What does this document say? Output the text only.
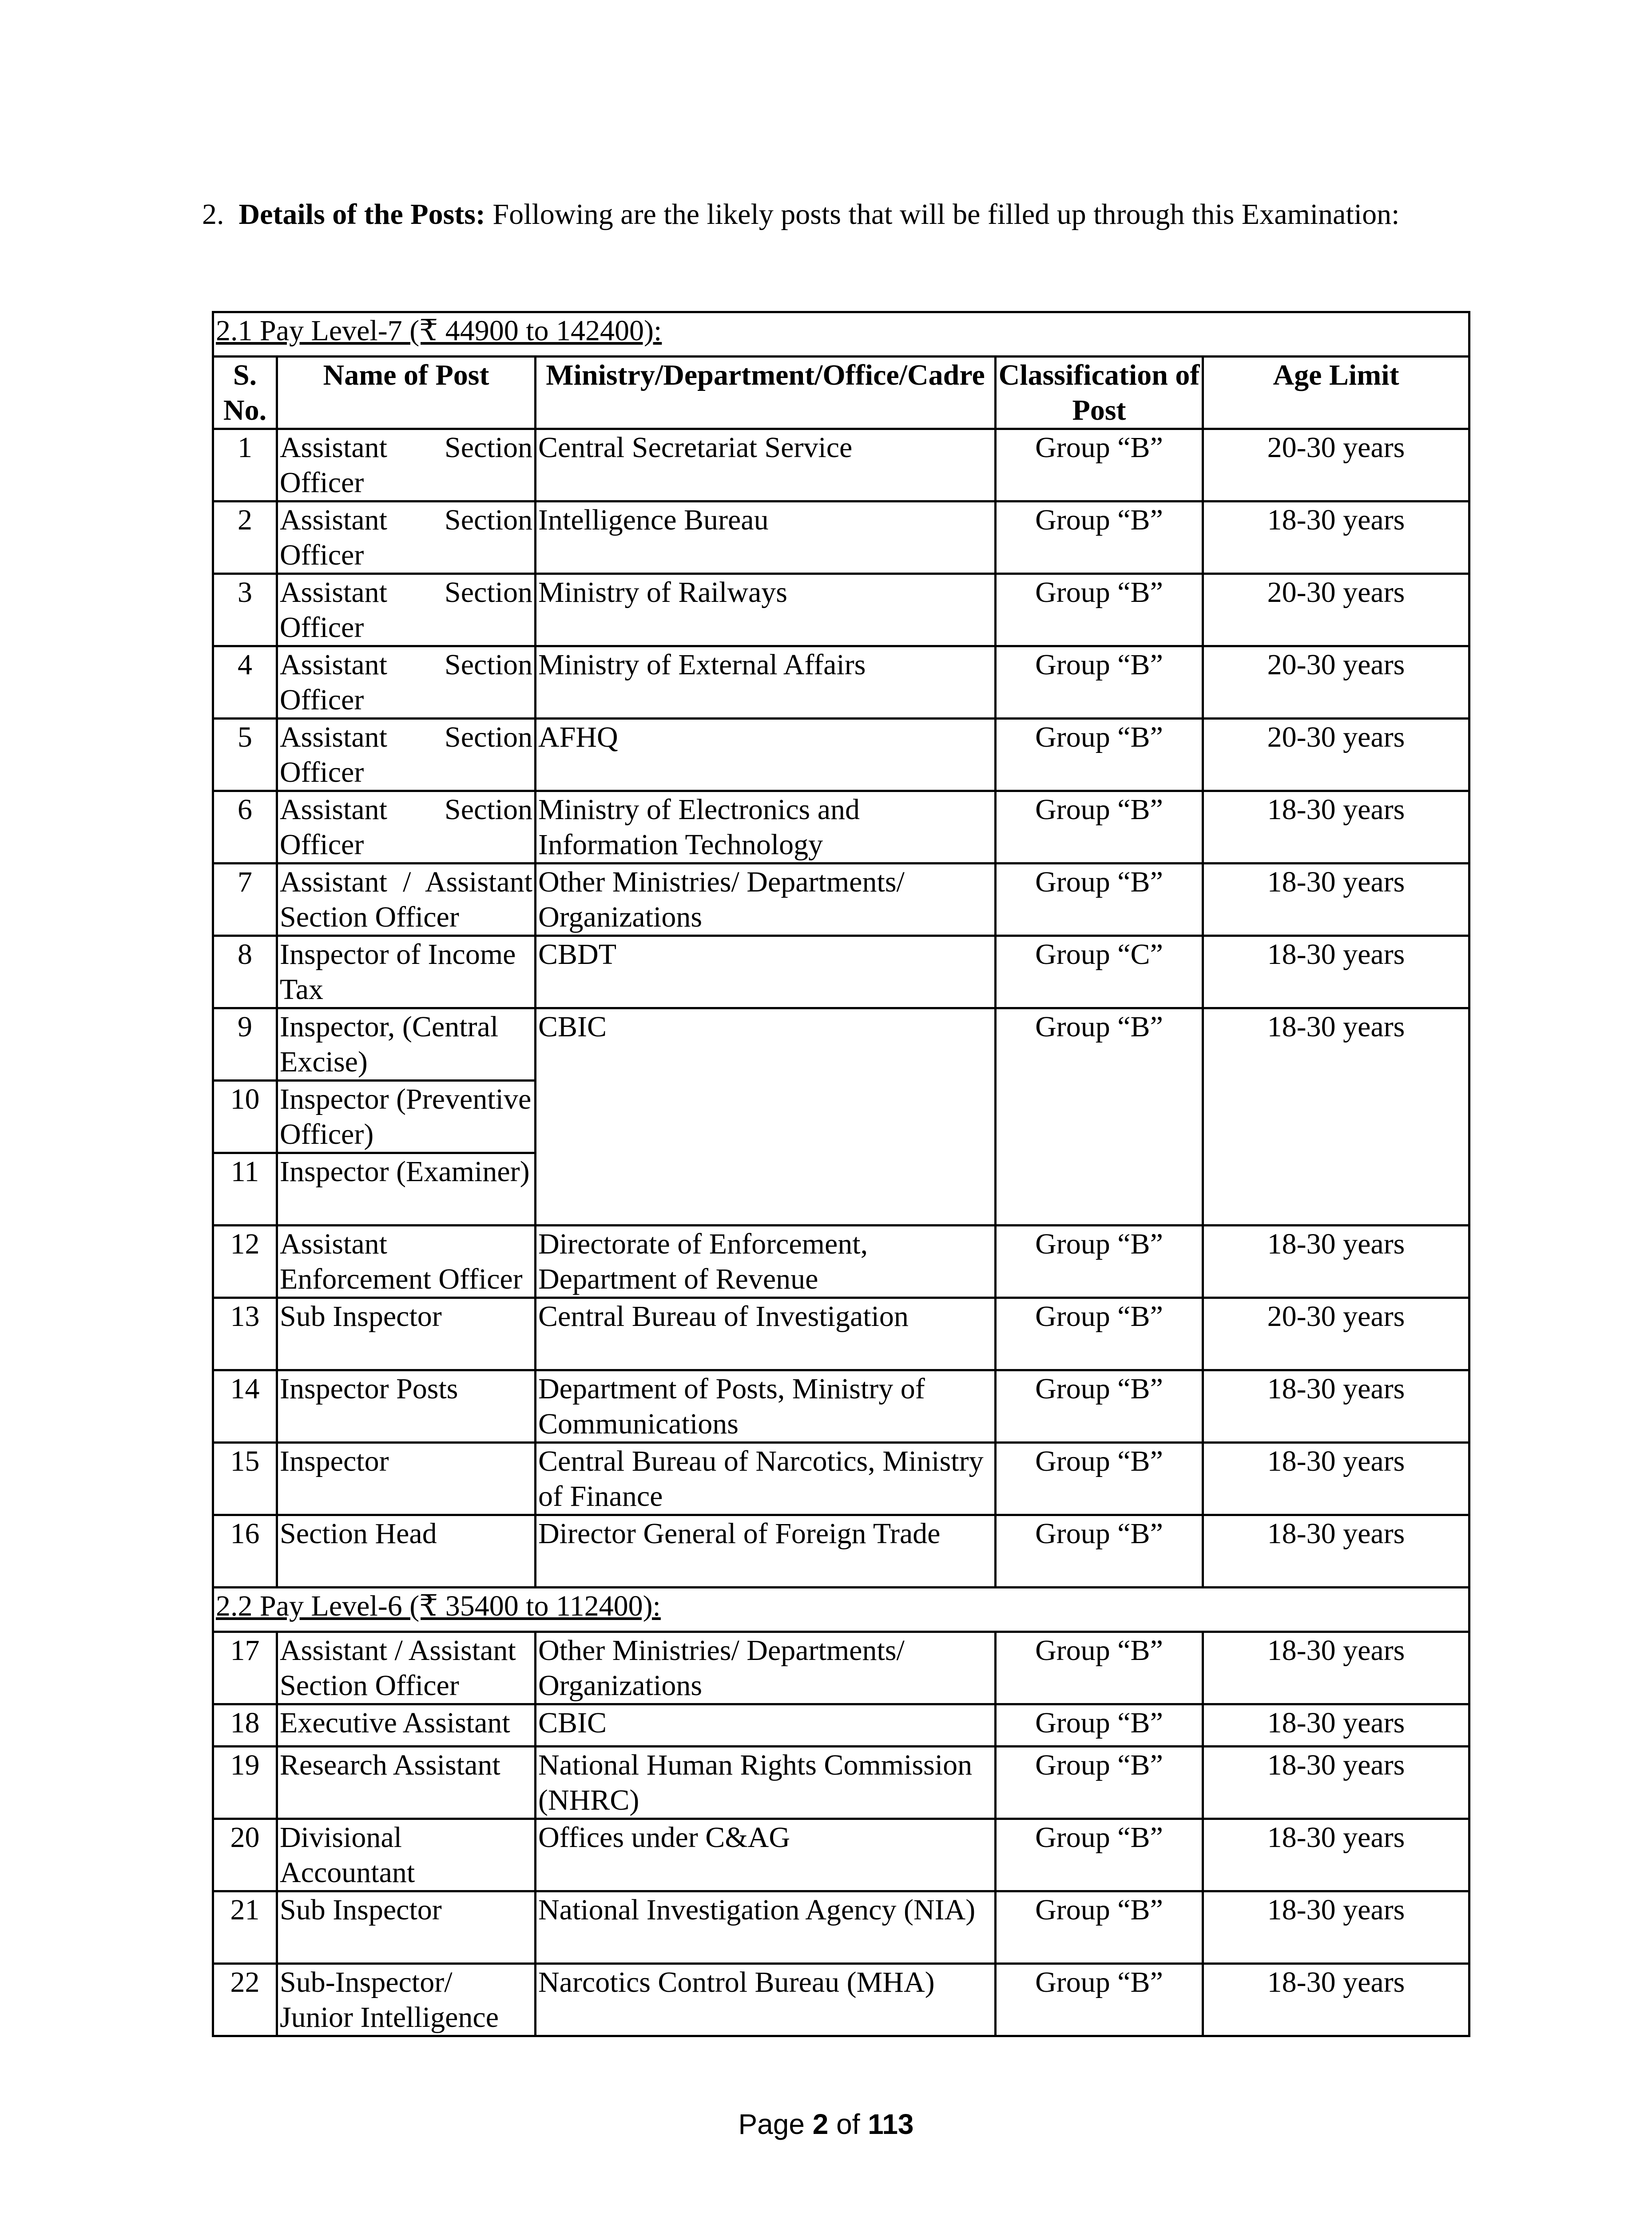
2. Details of the Posts: Following are the likely posts that will be filled up through this Examination:
2.1 Pay Level-7 (₹ 44900 to 142400):				
S. No.	Name of Post	Ministry/Department/Office/Cadre	Classification of Post	Age Limit
1	Assistant Section Officer	Central Secretariat Service	Group “B”	20-30 years
2	Assistant Section Officer	Intelligence Bureau	Group “B”	18-30 years
3	Assistant Section Officer	Ministry of Railways	Group “B”	20-30 years
4	Assistant Section Officer	Ministry of External Affairs	Group “B”	20-30 years
5	Assistant Section Officer	AFHQ	Group “B”	20-30 years
6	Assistant Section Officer	Ministry of Electronics and Information Technology	Group “B”	18-30 years
7	Assistant / Assistant Section Officer	Other Ministries/ Departments/ Organizations	Group “B”	18-30 years
8	Inspector of Income Tax	CBDT	Group “C”	18-30 years
9	Inspector, (Central Excise)	CBIC	Group “B”	18-30 years
10	Inspector (Preventive Officer)			
11	Inspector (Examiner)			
12	Assistant Enforcement Officer	Directorate of Enforcement, Department of Revenue	Group “B”	18-30 years
13	Sub Inspector	Central Bureau of Investigation	Group “B”	20-30 years
14	Inspector Posts	Department of Posts, Ministry of Communications	Group “B”	18-30 years
15	Inspector	Central Bureau of Narcotics, Ministry of Finance	Group “B”	18-30 years
16	Section Head	Director General of Foreign Trade	Group “B”	18-30 years
2.2 Pay Level-6 (₹ 35400 to 112400):				
17	Assistant / Assistant Section Officer	Other Ministries/ Departments/ Organizations	Group “B”	18-30 years
18	Executive Assistant	CBIC	Group “B”	18-30 years
19	Research Assistant	National Human Rights Commission (NHRC)	Group “B”	18-30 years
20	Divisional Accountant	Offices under C&AG	Group “B”	18-30 years
21	Sub Inspector	National Investigation Agency (NIA)	Group “B”	18-30 years
22	Sub-Inspector/ Junior Intelligence	Narcotics Control Bureau (MHA)	Group “B”	18-30 years
Page 2 of 113
